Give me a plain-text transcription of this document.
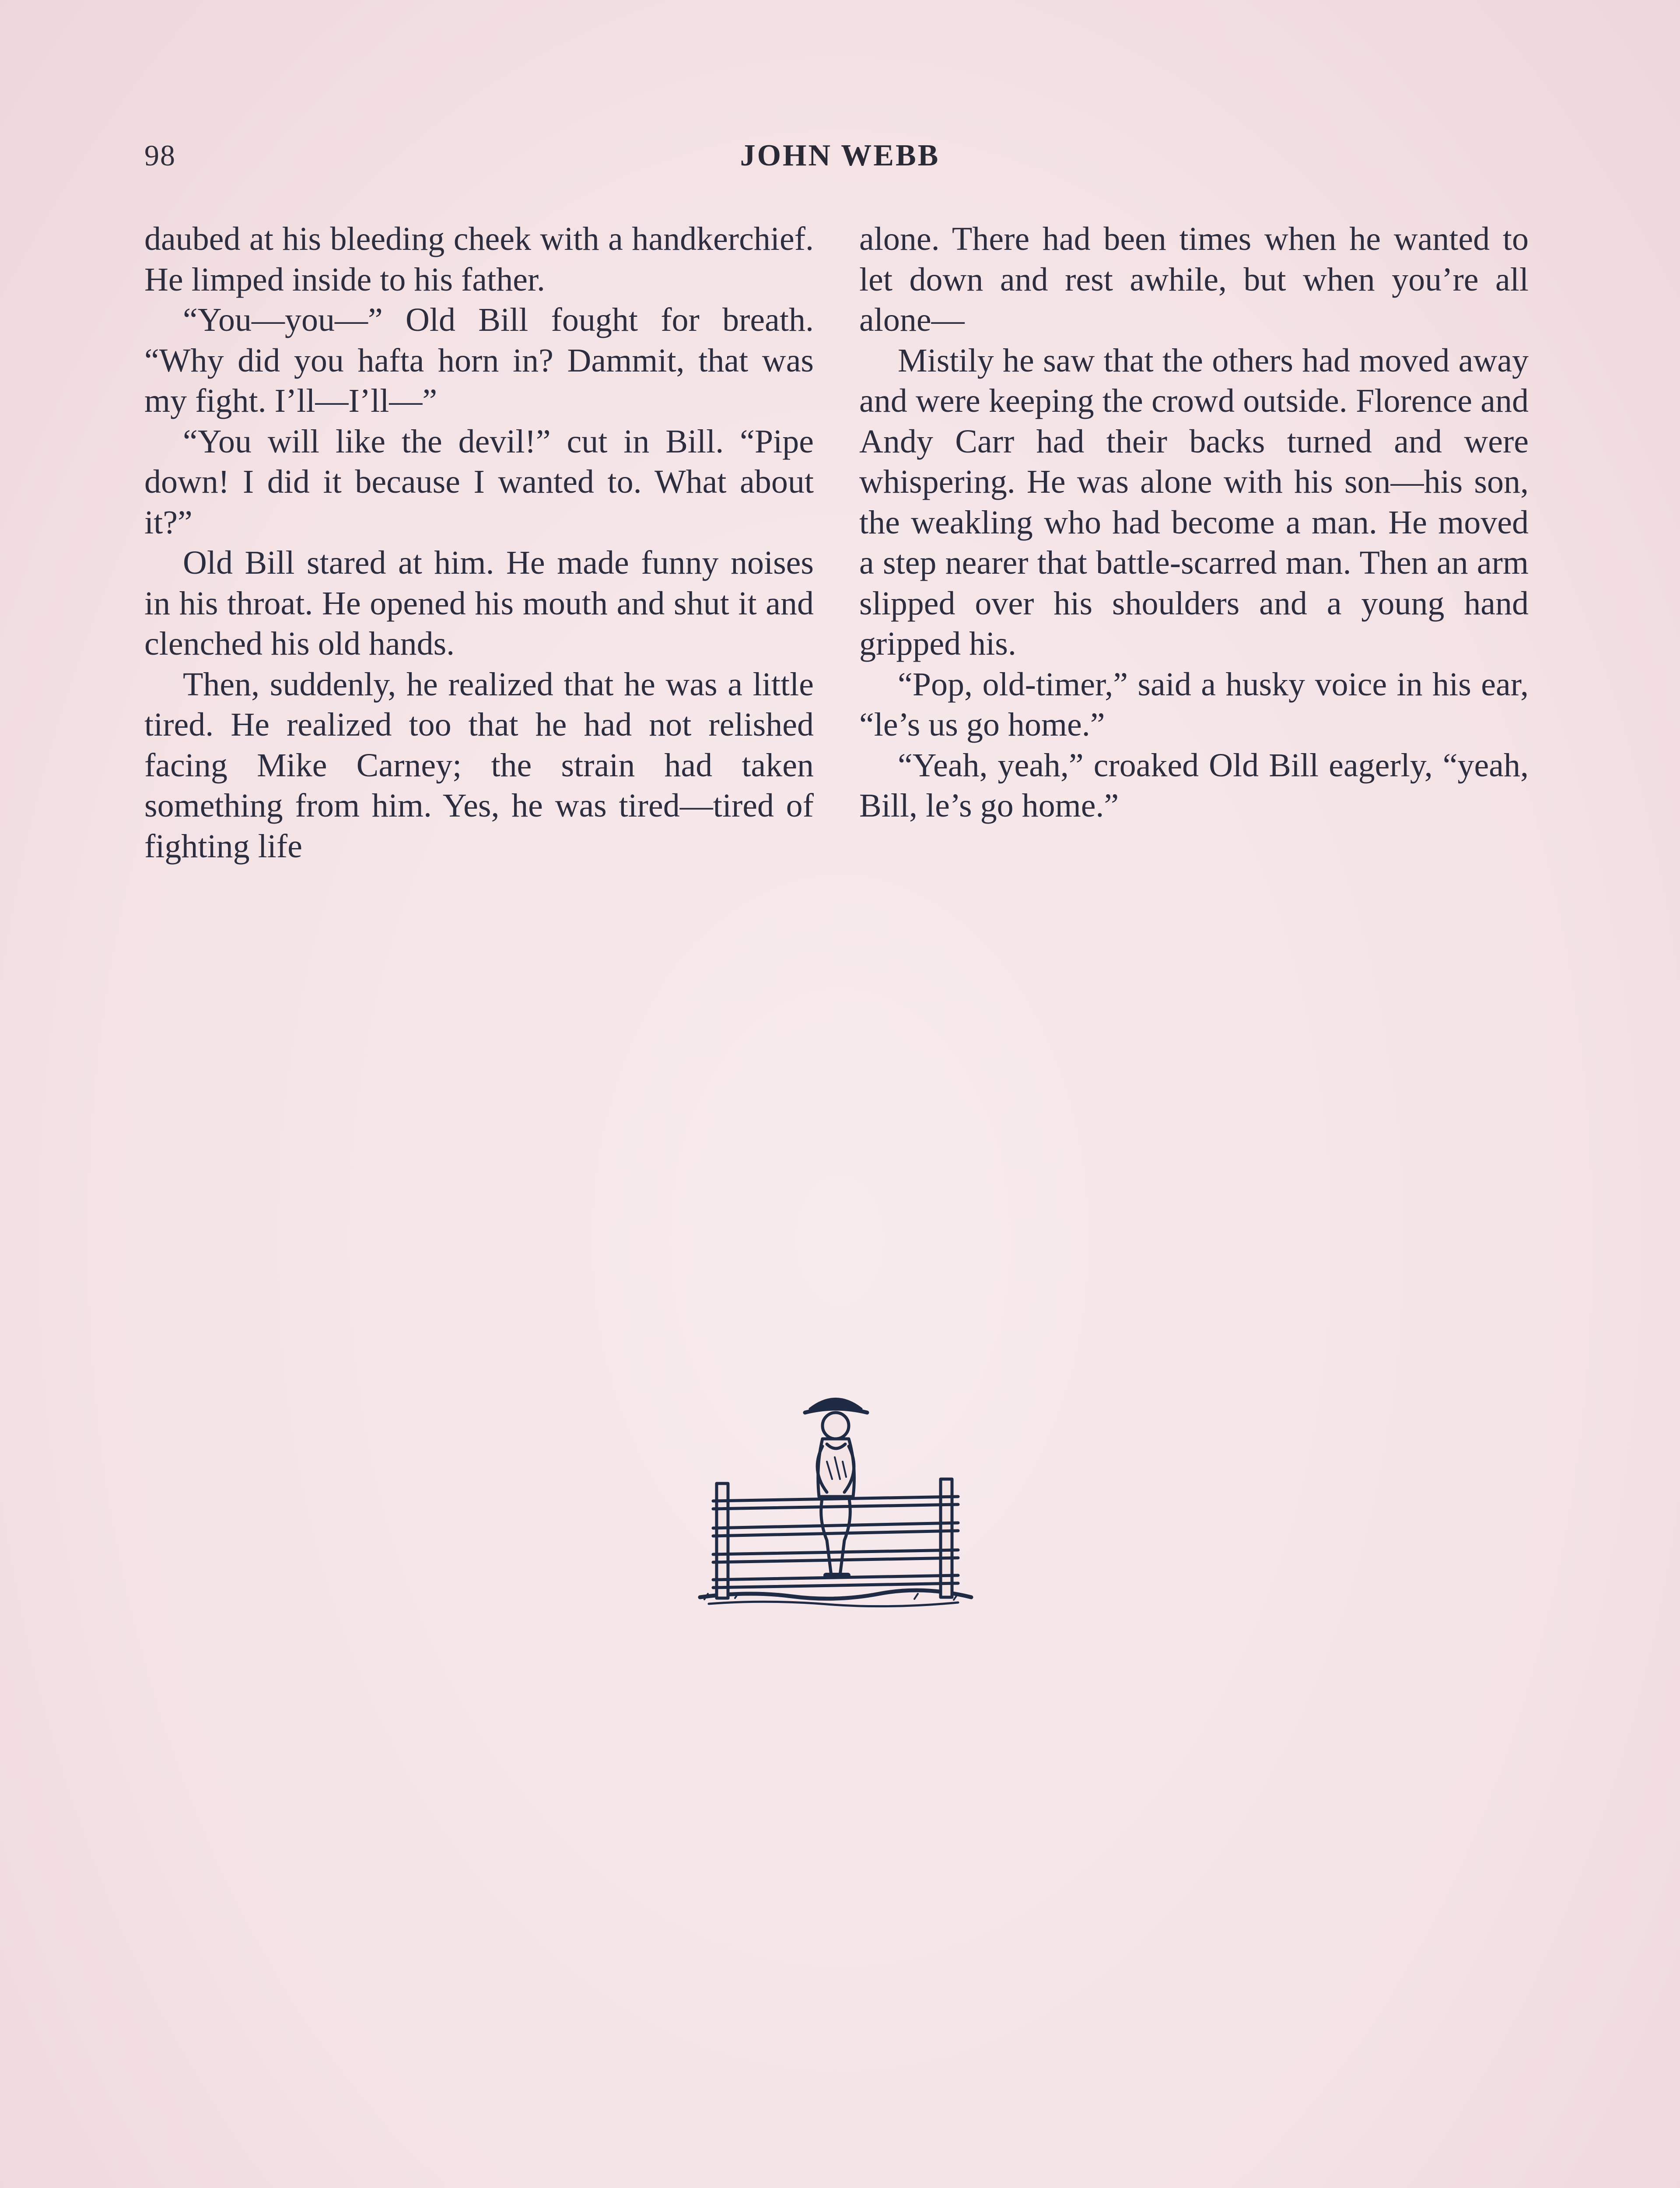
98	JOHN WEBB

daubed at his bleeding cheek with a handkerchief. He limped inside to his father.

“You—you—” Old Bill fought for breath. “Why did you hafta horn in? Dammit, that was my fight. I’ll—I’ll—”

“You will like the devil!” cut in Bill. “Pipe down! I did it because I wanted to. What about it?”

Old Bill stared at him. He made funny noises in his throat. He opened his mouth and shut it and clenched his old hands.

Then, suddenly, he realized that he was a little tired. He realized too that he had not relished facing Mike Carney; the strain had taken something from him. Yes, he was tired—tired of fighting life

alone. There had been times when he wanted to let down and rest awhile, but when you’re all alone—

Mistily he saw that the others had moved away and were keeping the crowd outside. Florence and Andy Carr had their backs turned and were whispering. He was alone with his son—his son, the weakling who had become a man. He moved a step nearer that battle-scarred man. Then an arm slipped over his shoulders and a young hand gripped his.

“Pop, old-timer,” said a husky voice in his ear, “le’s us go home.”

“Yeah, yeah,” croaked Old Bill eagerly, “yeah, Bill, le’s go home.”
